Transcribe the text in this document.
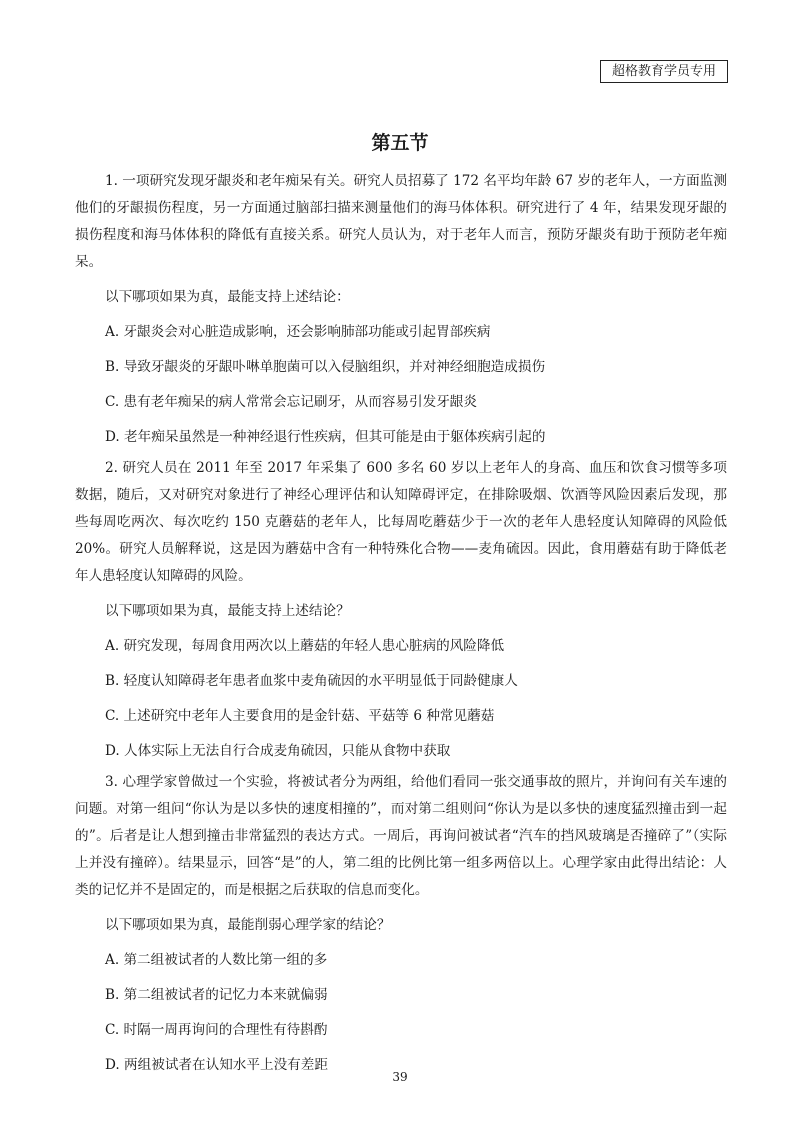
超格教育学员专用
第五节

1. 一项研究发现牙龈炎和老年痴呆有关。研究人员招募了 172 名平均年龄 67 岁的老年人，一方面监测他们的牙龈损伤程度，另一方面通过脑部扫描来测量他们的海马体体积。研究进行了 4 年，结果发现牙龈的损伤程度和海马体体积的降低有直接关系。研究人员认为，对于老年人而言，预防牙龈炎有助于预防老年痴呆。

以下哪项如果为真，最能支持上述结论：

A. 牙龈炎会对心脏造成影响，还会影响肺部功能或引起胃部疾病

B. 导致牙龈炎的牙龈卟啉单胞菌可以入侵脑组织，并对神经细胞造成损伤

C. 患有老年痴呆的病人常常会忘记刷牙，从而容易引发牙龈炎

D. 老年痴呆虽然是一种神经退行性疾病，但其可能是由于躯体疾病引起的

2. 研究人员在 2011 年至 2017 年采集了 600 多名 60 岁以上老年人的身高、血压和饮食习惯等多项数据，随后，又对研究对象进行了神经心理评估和认知障碍评定，在排除吸烟、饮酒等风险因素后发现，那些每周吃两次、每次吃约 150 克蘑菇的老年人，比每周吃蘑菇少于一次的老年人患轻度认知障碍的风险低 20%。研究人员解释说，这是因为蘑菇中含有一种特殊化合物——麦角硫因。因此，食用蘑菇有助于降低老年人患轻度认知障碍的风险。

以下哪项如果为真，最能支持上述结论？

A. 研究发现，每周食用两次以上蘑菇的年轻人患心脏病的风险降低

B. 轻度认知障碍老年患者血浆中麦角硫因的水平明显低于同龄健康人

C. 上述研究中老年人主要食用的是金针菇、平菇等 6 种常见蘑菇

D. 人体实际上无法自行合成麦角硫因，只能从食物中获取

3. 心理学家曾做过一个实验，将被试者分为两组，给他们看同一张交通事故的照片，并询问有关车速的问题。对第一组问“你认为是以多快的速度相撞的”，而对第二组则问“你认为是以多快的速度猛烈撞击到一起的”。后者是让人想到撞击非常猛烈的表达方式。一周后，再询问被试者“汽车的挡风玻璃是否撞碎了”（实际上并没有撞碎）。结果显示，回答“是”的人，第二组的比例比第一组多两倍以上。心理学家由此得出结论：人类的记忆并不是固定的，而是根据之后获取的信息而变化。

以下哪项如果为真，最能削弱心理学家的结论？

A. 第二组被试者的人数比第一组的多

B. 第二组被试者的记忆力本来就偏弱

C. 时隔一周再询问的合理性有待斟酌

D. 两组被试者在认知水平上没有差距

39
